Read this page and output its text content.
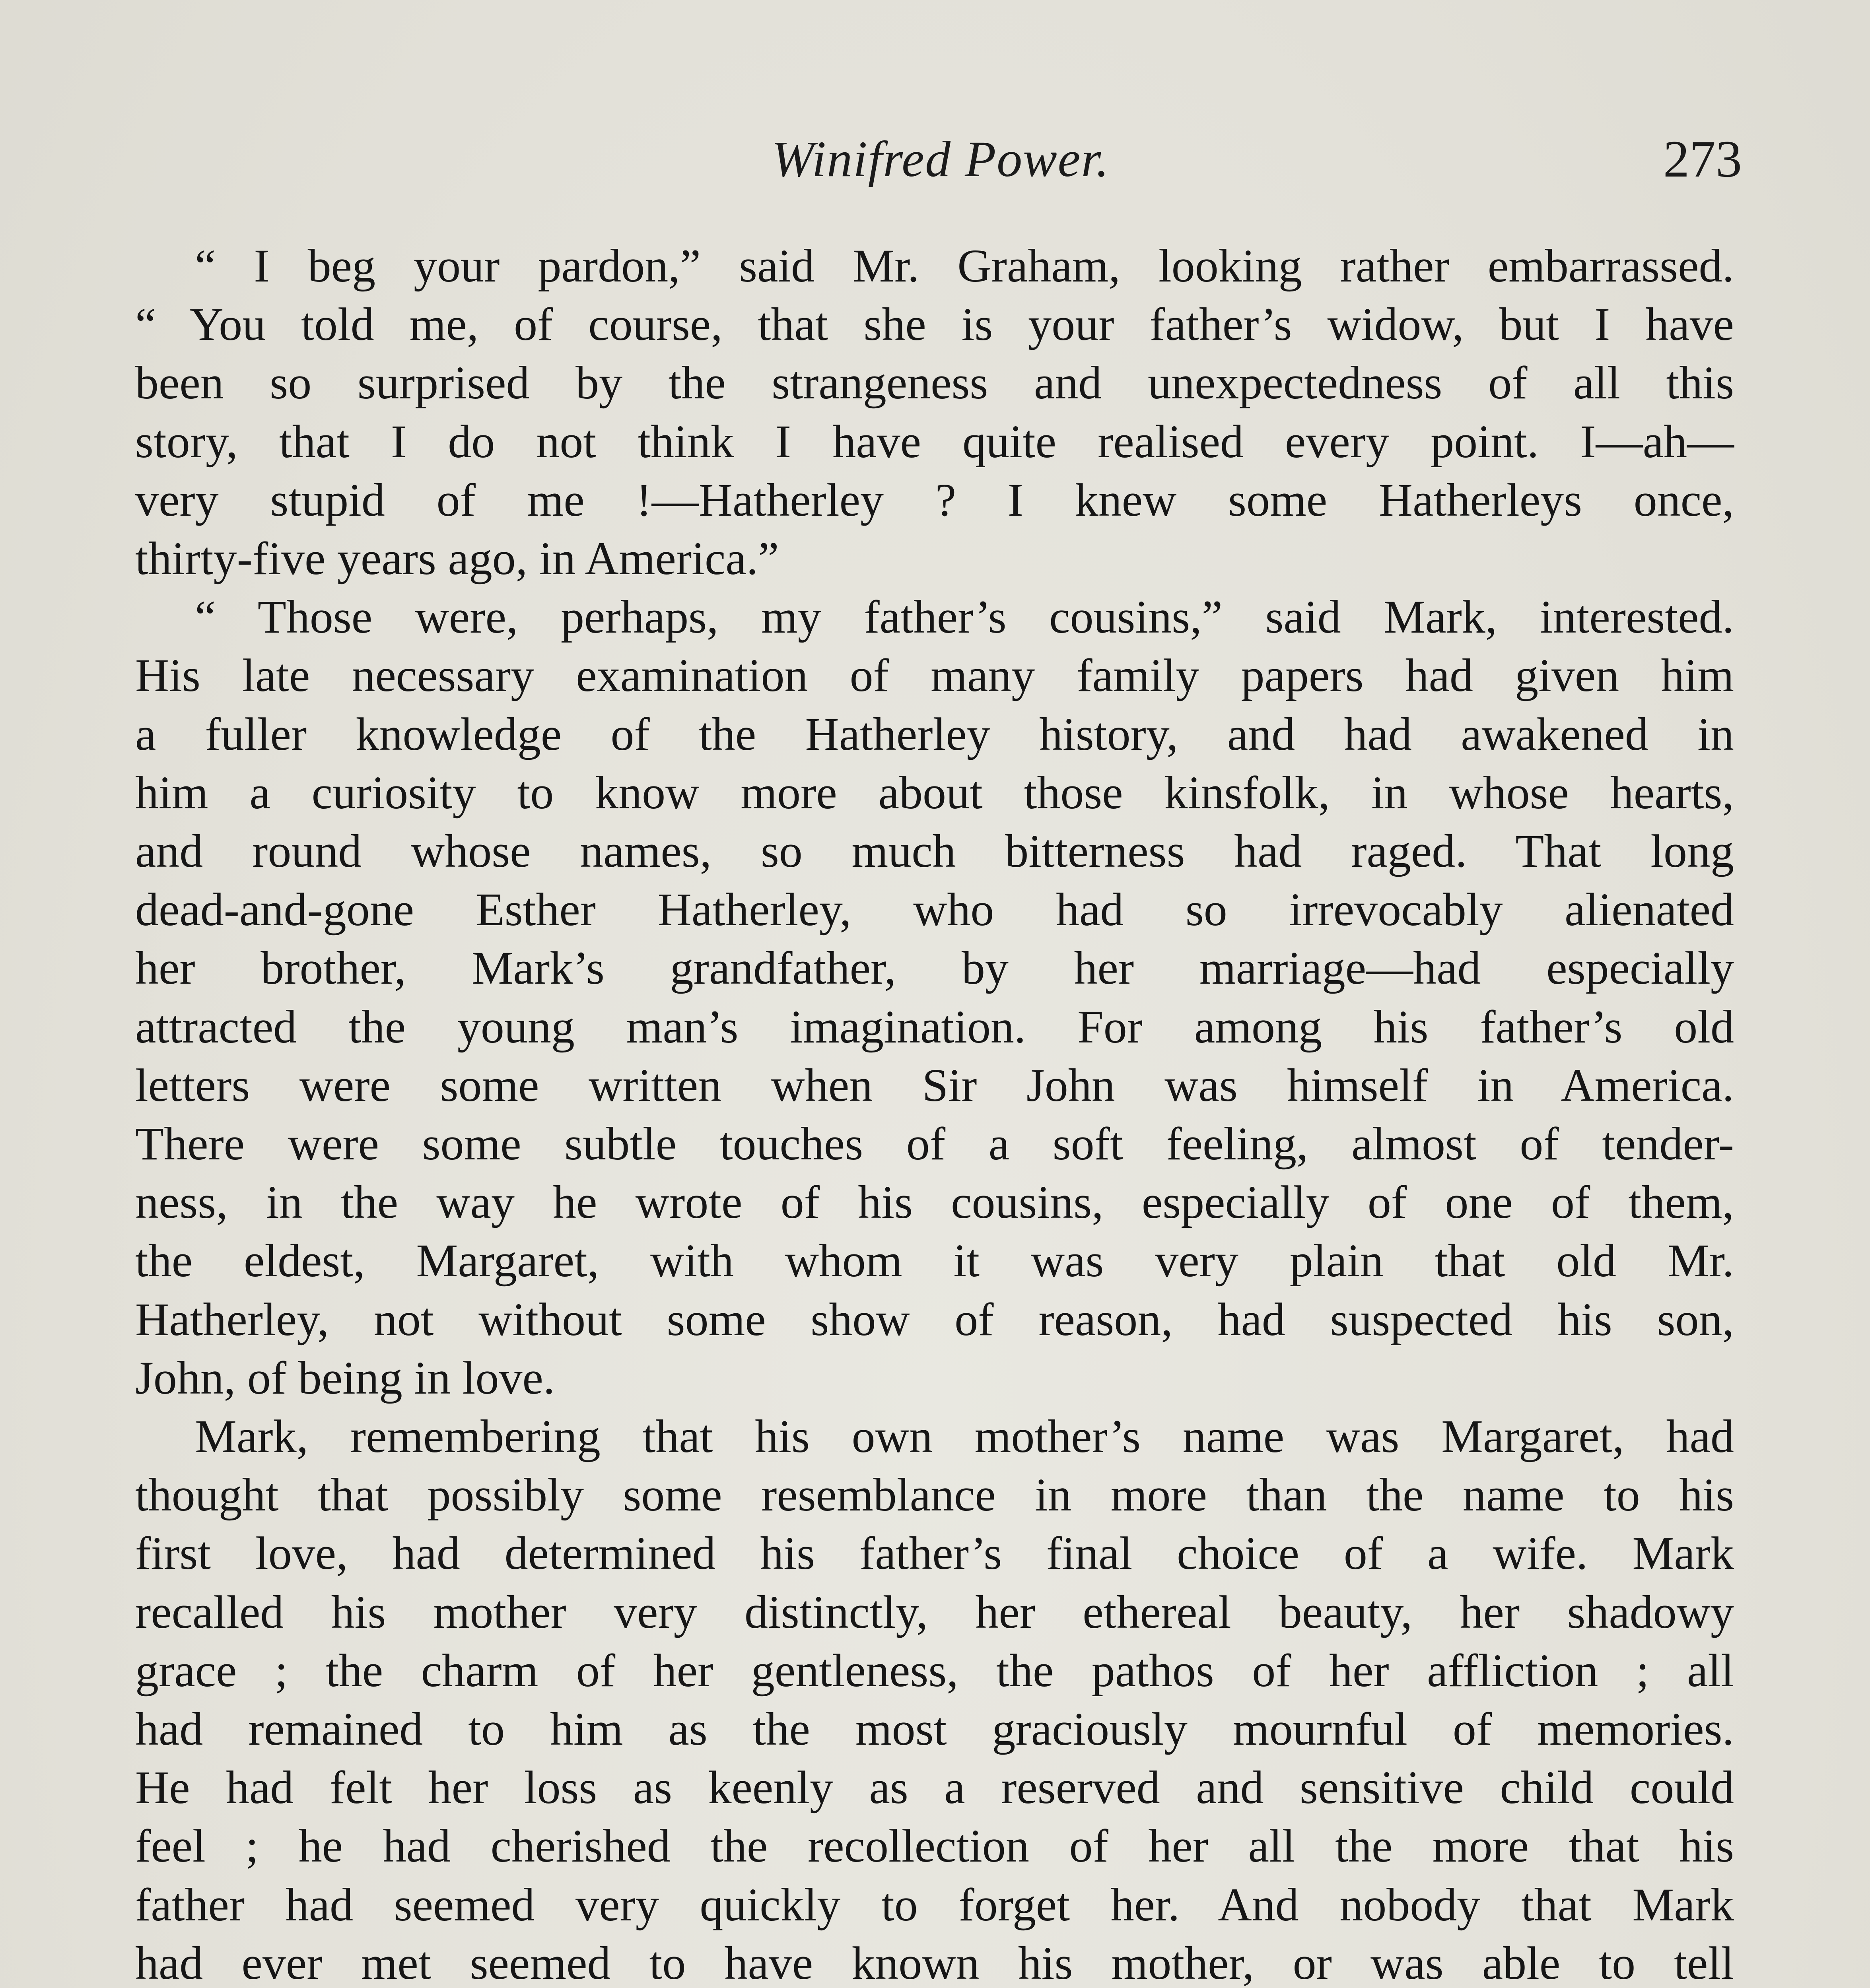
Winifred Power.	273

“ I beg your pardon,” said Mr. Graham, looking rather embarrassed.
“ You told me, of course, that she is your father’s widow, but I have
been so surprised by the strangeness and unexpectedness of all this
story, that I do not think I have quite realised every point. I—ah—
very stupid of me !—Hatherley ? I knew some Hatherleys once,
thirty-five years ago, in America.”

“ Those were, perhaps, my father’s cousins,” said Mark, interested.
His late necessary examination of many family papers had given him
a fuller knowledge of the Hatherley history, and had awakened in
him a curiosity to know more about those kinsfolk, in whose hearts,
and round whose names, so much bitterness had raged. That long
dead-and-gone Esther Hatherley, who had so irrevocably alienated
her brother, Mark’s grandfather, by her marriage—had especially
attracted the young man’s imagination. For among his father’s old
letters were some written when Sir John was himself in America.
There were some subtle touches of a soft feeling, almost of tender-
ness, in the way he wrote of his cousins, especially of one of them,
the eldest, Margaret, with whom it was very plain that old Mr.
Hatherley, not without some show of reason, had suspected his son,
John, of being in love.

Mark, remembering that his own mother’s name was Margaret, had
thought that possibly some resemblance in more than the name to his
first love, had determined his father’s final choice of a wife. Mark
recalled his mother very distinctly, her ethereal beauty, her shadowy
grace ; the charm of her gentleness, the pathos of her affliction ; all
had remained to him as the most graciously mournful of memories.
He had felt her loss as keenly as a reserved and sensitive child could
feel ; he had cherished the recollection of her all the more that his
father had seemed very quickly to forget her. And nobody that Mark
had ever met seemed to have known his mother, or was able to tell
